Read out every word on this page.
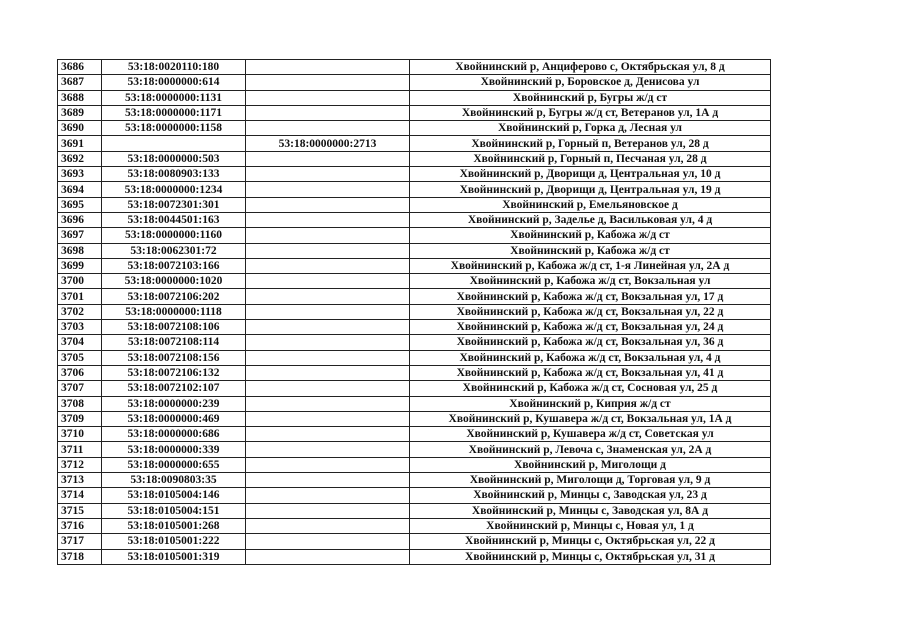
3686	53:18:0020110:180		Хвойнинский р, Анциферово с, Октябрьская ул, 8 д
3687	53:18:0000000:614		Хвойнинский р, Боровское д, Денисова ул
3688	53:18:0000000:1131		Хвойнинский р, Бугры ж/д ст
3689	53:18:0000000:1171		Хвойнинский р, Бугры ж/д ст, Ветеранов ул, 1А д
3690	53:18:0000000:1158		Хвойнинский р, Горка д, Лесная ул
3691		53:18:0000000:2713	Хвойнинский р, Горный п, Ветеранов ул, 28 д
3692	53:18:0000000:503		Хвойнинский р, Горный п, Песчаная ул, 28 д
3693	53:18:0080903:133		Хвойнинский р, Дворищи д, Центральная ул, 10 д
3694	53:18:0000000:1234		Хвойнинский р, Дворищи д, Центральная ул, 19 д
3695	53:18:0072301:301		Хвойнинский р, Емельяновское д
3696	53:18:0044501:163		Хвойнинский р, Заделье д, Васильковая ул, 4 д
3697	53:18:0000000:1160		Хвойнинский р, Кабожа ж/д ст
3698	53:18:0062301:72		Хвойнинский р, Кабожа ж/д ст
3699	53:18:0072103:166		Хвойнинский р, Кабожа ж/д ст, 1-я Линейная ул, 2А д
3700	53:18:0000000:1020		Хвойнинский р, Кабожа ж/д ст, Вокзальная ул
3701	53:18:0072106:202		Хвойнинский р, Кабожа ж/д ст, Вокзальная ул, 17 д
3702	53:18:0000000:1118		Хвойнинский р, Кабожа ж/д ст, Вокзальная ул, 22 д
3703	53:18:0072108:106		Хвойнинский р, Кабожа ж/д ст, Вокзальная ул, 24 д
3704	53:18:0072108:114		Хвойнинский р, Кабожа ж/д ст, Вокзальная ул, 36 д
3705	53:18:0072108:156		Хвойнинский р, Кабожа ж/д ст, Вокзальная ул, 4 д
3706	53:18:0072106:132		Хвойнинский р, Кабожа ж/д ст, Вокзальная ул, 41 д
3707	53:18:0072102:107		Хвойнинский р, Кабожа ж/д ст, Сосновая ул, 25 д
3708	53:18:0000000:239		Хвойнинский р, Киприя ж/д ст
3709	53:18:0000000:469		Хвойнинский р, Кушавера ж/д ст, Вокзальная ул, 1А д
3710	53:18:0000000:686		Хвойнинский р, Кушавера ж/д ст, Советская ул
3711	53:18:0000000:339		Хвойнинский р, Левоча с, Знаменская ул, 2А д
3712	53:18:0000000:655		Хвойнинский р, Миголощи д
3713	53:18:0090803:35		Хвойнинский р, Миголощи д, Торговая ул, 9 д
3714	53:18:0105004:146		Хвойнинский р, Минцы с, Заводская ул, 23 д
3715	53:18:0105004:151		Хвойнинский р, Минцы с, Заводская ул, 8А д
3716	53:18:0105001:268		Хвойнинский р, Минцы с, Новая ул, 1 д
3717	53:18:0105001:222		Хвойнинский р, Минцы с, Октябрьская ул, 22 д
3718	53:18:0105001:319		Хвойнинский р, Минцы с, Октябрьская ул, 31 д
